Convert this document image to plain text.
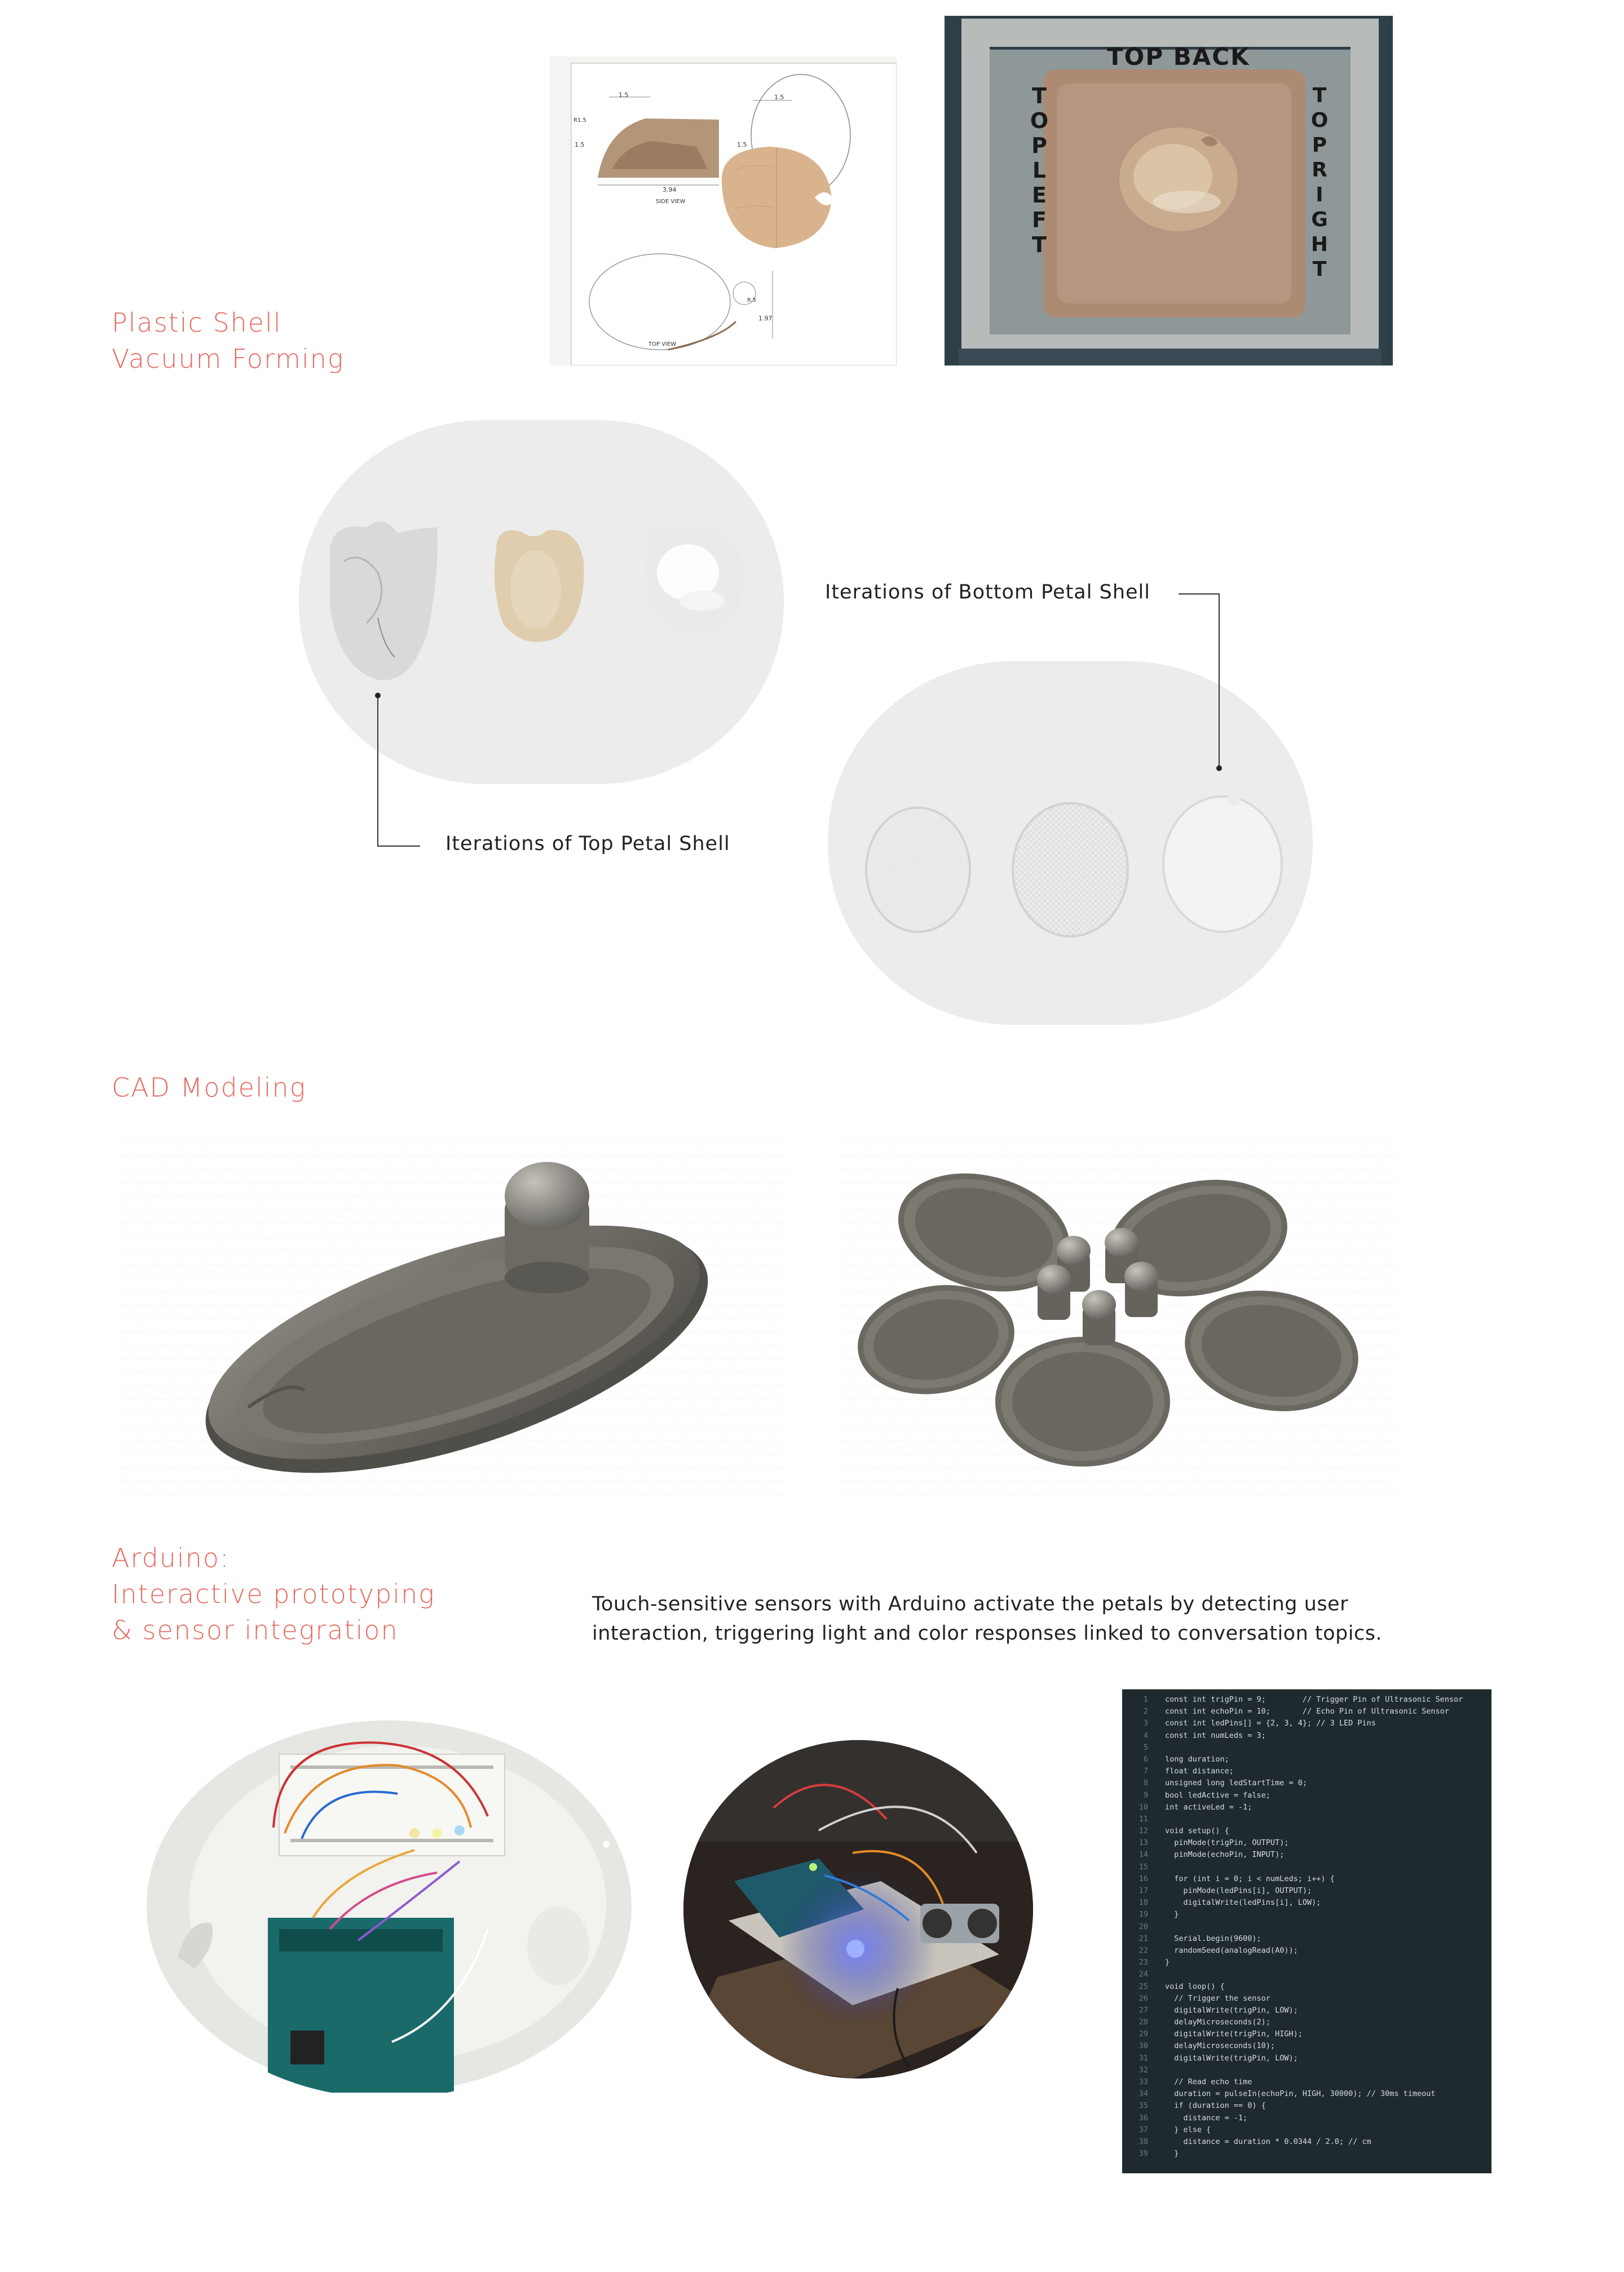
Plastic Shell
Vacuum Forming
1.5	1.5
1.5	1.5
R1.5
3.94
SIDE VIEW
R.5
1.97
TOP VIEW
TOP BACK
TOP LEFT
TOP RIGHT
Iterations of Top Petal Shell
Iterations of Bottom Petal Shell
CAD Modeling
Arduino:
Interactive prototyping
& sensor integration
Touch-sensitive sensors with Arduino activate the petals by detecting user interaction, triggering light and color responses linked to conversation topics.
1 const int trigPin = 9;        // Trigger Pin of Ultrasonic Sensor
2 const int echoPin = 10;       // Echo Pin of Ultrasonic Sensor
3 const int ledPins[] = {2, 3, 4}; // 3 LED Pins
4 const int numLeds = 3;
5
6 long duration;
7 float distance;
8 unsigned long ledStartTime = 0;
9 bool ledActive = false;
10 int activeLed = -1;
11
12 void setup() {
13  pinMode(trigPin, OUTPUT);
14  pinMode(echoPin, INPUT);
15
16  for (int i = 0; i < numLeds; i++) {
17    pinMode(ledPins[i], OUTPUT);
18    digitalWrite(ledPins[i], LOW);
19  }
20
21  Serial.begin(9600);
22  randomSeed(analogRead(A0));
23 }
24
25 void loop() {
26  // Trigger the sensor
27  digitalWrite(trigPin, LOW);
28  delayMicroseconds(2);
29  digitalWrite(trigPin, HIGH);
30  delayMicroseconds(10);
31  digitalWrite(trigPin, LOW);
32
33  // Read echo time
34  duration = pulseIn(echoPin, HIGH, 30000); // 30ms timeout
35  if (duration == 0) {
36    distance = -1;
37  } else {
38    distance = duration * 0.0344 / 2.0; // cm
39  }
